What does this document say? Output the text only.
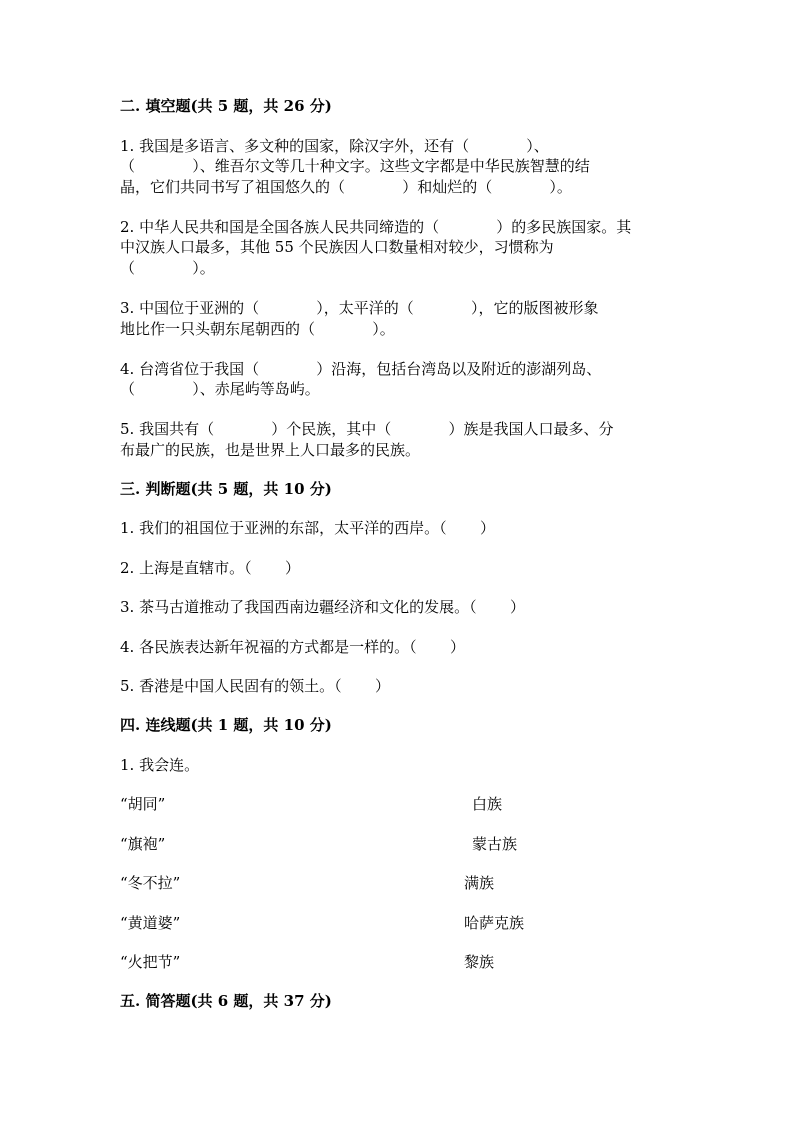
二. 填空题(共 5 题，共 26 分)
1. 我国是多语言、多文种的国家，除汉字外，还有（            ）、
（            ）、维吾尔文等几十种文字。这些文字都是中华民族智慧的结
晶，它们共同书写了祖国悠久的（            ）和灿烂的（            ）。
2. 中华人民共和国是全国各族人民共同缔造的（            ）的多民族国家。其
中汉族人口最多，其他 55 个民族因人口数量相对较少，习惯称为
（            ）。
3. 中国位于亚洲的（            ），太平洋的（            ），它的版图被形象
地比作一只头朝东尾朝西的（            ）。
4. 台湾省位于我国（            ）沿海，包括台湾岛以及附近的澎湖列岛、
（            ）、赤尾屿等岛屿。
5. 我国共有（            ）个民族，其中（            ）族是我国人口最多、分
布最广的民族，也是世界上人口最多的民族。
三. 判断题(共 5 题，共 10 分)
1. 我们的祖国位于亚洲的东部，太平洋的西岸。（       ）
2. 上海是直辖市。（       ）
3. 茶马古道推动了我国西南边疆经济和文化的发展。（       ）
4. 各民族表达新年祝福的方式都是一样的。（       ）
5. 香港是中国人民固有的领土。（       ）
四. 连线题(共 1 题，共 10 分)
1. 我会连。
“胡同”
“旗袍”
“冬不拉”
“黄道婆”
“火把节”
白族
蒙古族
满族
哈萨克族
黎族
五. 简答题(共 6 题，共 37 分)
